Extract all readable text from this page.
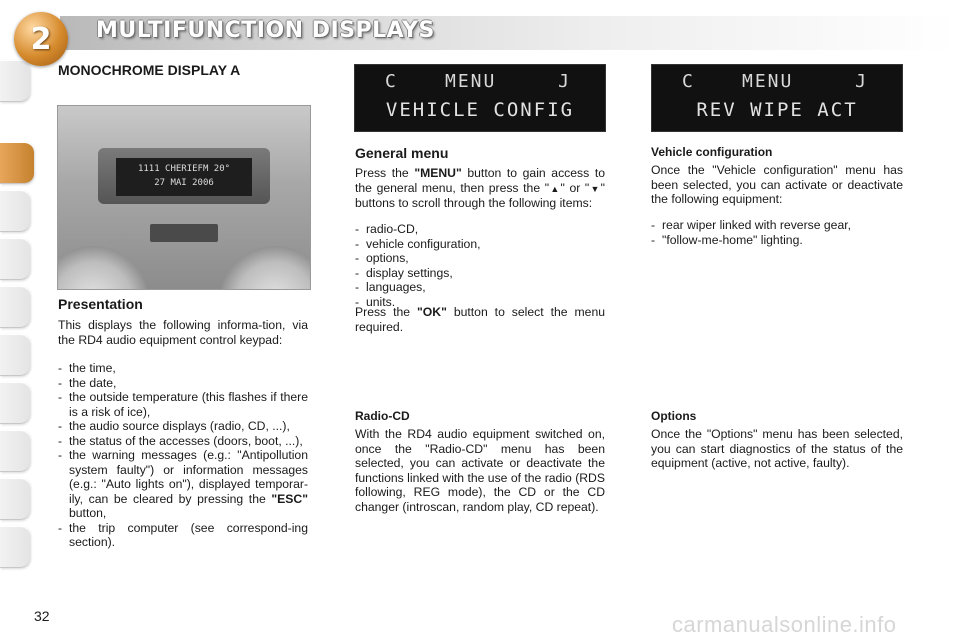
2 MULTIFUNCTION DISPLAYS
MONOCHROME DISPLAY A
1111 CHERIEFM 20°
27 MAI 2006
Presentation
This displays the following informa-tion, via the RD4 audio equipment control keypad:
- the time,
- the date,
- the outside temperature (this flashes if there is a risk of ice),
- the audio source displays (radio, CD, ...),
- the status of the accesses (doors, boot, ...),
- the warning messages (e.g.: "Antipollution system faulty") or information messages (e.g.: "Auto lights on"), displayed temporar-ily, can be cleared by pressing the "ESC" button,
- the trip computer (see correspond-ing section).
C	MENU	J
VEHICLE CONFIG
General menu
Press the "MENU" button to gain access to the general menu, then press the "▲" or "▼" buttons to scroll through the following items:
- radio-CD,
- vehicle configuration,
- options,
- display settings,
- languages,
- units.
Press the "OK" button to select the menu required.
Radio-CD
With the RD4 audio equipment switched on, once the "Radio-CD" menu has been selected, you can activate or deactivate the functions linked with the use of the radio (RDS following, REG mode), the CD or the CD changer (introscan, random play, CD repeat).
C	MENU	J
REV WIPE ACT
Vehicle configuration
Once the "Vehicle configuration" menu has been selected, you can activate or deactivate the following equipment:
- rear wiper linked with reverse gear,
- "follow-me-home" lighting.
Options
Once the "Options" menu has been selected, you can start diagnostics of the status of the equipment (active, not active, faulty).
32	carmanualsonline.info
